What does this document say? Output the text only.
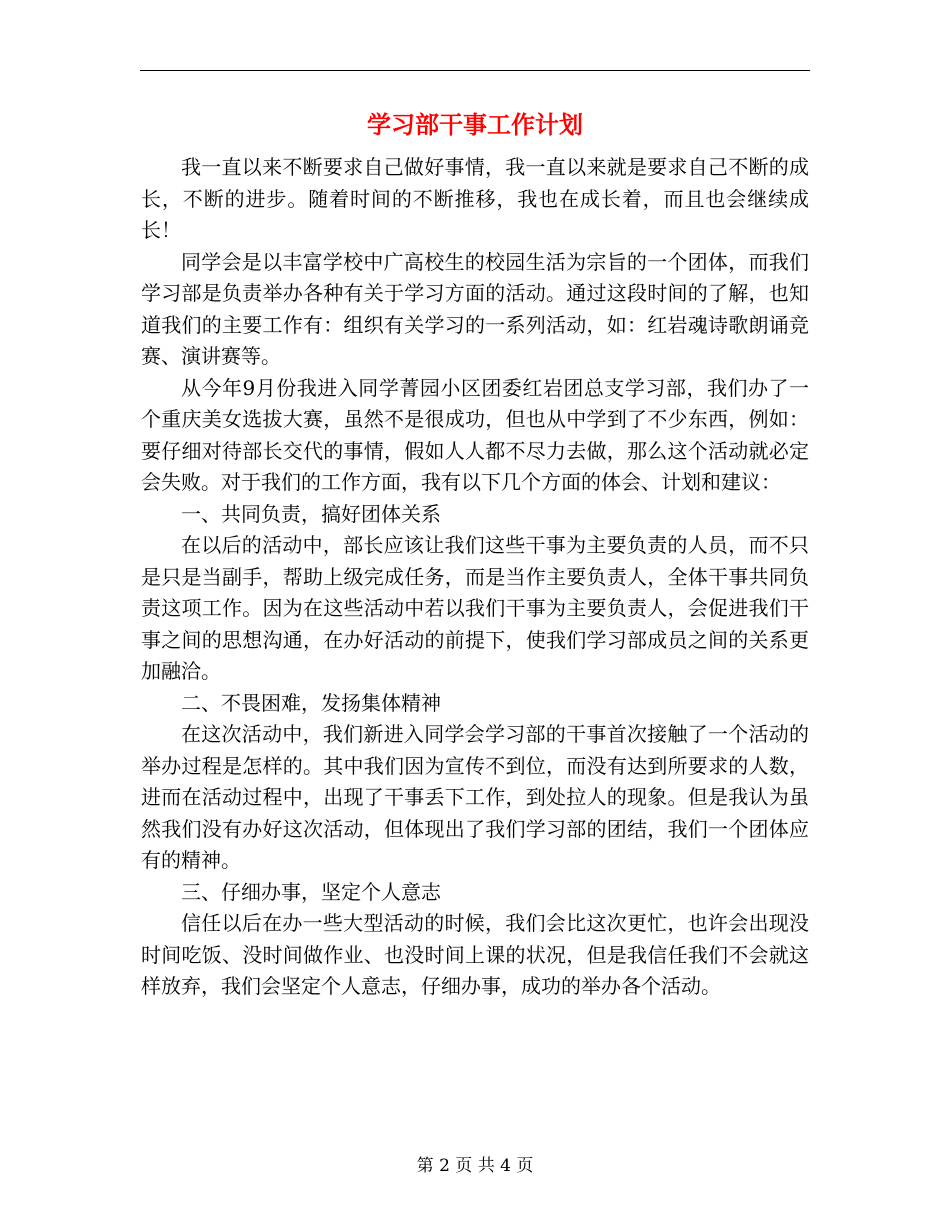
学习部干事工作计划

我一直以来不断要求自己做好事情，我一直以来就是要求自己不断的成长，不断的进步。随着时间的不断推移，我也在成长着，而且也会继续成长！

同学会是以丰富学校中广高校生的校园生活为宗旨的一个团体，而我们学习部是负责举办各种有关于学习方面的活动。通过这段时间的了解，也知道我们的主要工作有：组织有关学习的一系列活动，如：红岩魂诗歌朗诵竞赛、演讲赛等。

从今年9月份我进入同学菁园小区团委红岩团总支学习部，我们办了一个重庆美女选拔大赛，虽然不是很成功，但也从中学到了不少东西，例如：要仔细对待部长交代的事情，假如人人都不尽力去做，那么这个活动就必定会失败。对于我们的工作方面，我有以下几个方面的体会、计划和建议：

一、共同负责，搞好团体关系

在以后的活动中，部长应该让我们这些干事为主要负责的人员，而不只是只是当副手，帮助上级完成任务，而是当作主要负责人，全体干事共同负责这项工作。因为在这些活动中若以我们干事为主要负责人，会促进我们干事之间的思想沟通，在办好活动的前提下，使我们学习部成员之间的关系更加融洽。

二、不畏困难，发扬集体精神

在这次活动中，我们新进入同学会学习部的干事首次接触了一个活动的举办过程是怎样的。其中我们因为宣传不到位，而没有达到所要求的人数，进而在活动过程中，出现了干事丢下工作，到处拉人的现象。但是我认为虽然我们没有办好这次活动，但体现出了我们学习部的团结，我们一个团体应有的精神。

三、仔细办事，坚定个人意志

信任以后在办一些大型活动的时候，我们会比这次更忙，也许会出现没时间吃饭、没时间做作业、也没时间上课的状况，但是我信任我们不会就这样放弃，我们会坚定个人意志，仔细办事，成功的举办各个活动。

第 2 页 共 4 页
